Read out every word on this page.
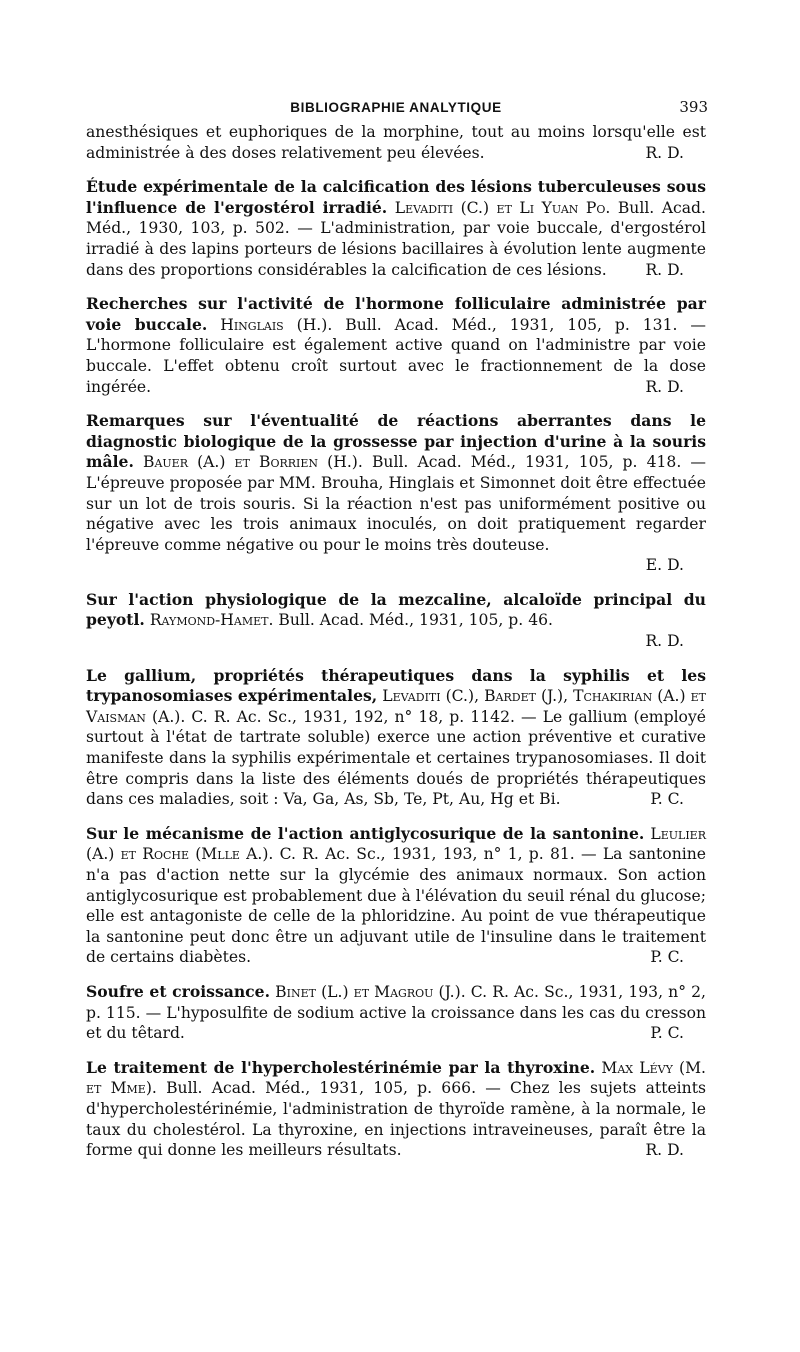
BIBLIOGRAPHIE ANALYTIQUE	393

anesthésiques et euphoriques de la morphine, tout au moins lorsqu'elle est administrée à des doses relativement peu élevées.	R. D.

Étude expérimentale de la calcification des lésions tuberculeuses sous l'influence de l'ergostérol irradié. Levaditi (C.) et Li Yuan Po. Bull. Acad. Méd., 1930, 103, p. 502. — L'administration, par voie buccale, d'ergostérol irradié à des lapins porteurs de lésions bacillaires à évolution lente augmente dans des proportions considérables la calcification de ces lésions. R. D.

Recherches sur l'activité de l'hormone folliculaire administrée par voie buccale. Hinglais (H.). Bull. Acad. Méd., 1931, 105, p. 131. — L'hormone folliculaire est également active quand on l'administre par voie buccale. L'effet obtenu croît surtout avec le fractionnement de la dose ingérée.	R. D.

Remarques sur l'éventualité de réactions aberrantes dans le diagnostic biologique de la grossesse par injection d'urine à la souris mâle. Bauer (A.) et Borrien (H.). Bull. Acad. Méd., 1931, 105, p. 418. — L'épreuve proposée par MM. Brouha, Hinglais et Simonnet doit être effectuée sur un lot de trois souris. Si la réaction n'est pas uniformément positive ou négative avec les trois animaux inoculés, on doit pratiquement regarder l'épreuve comme négative ou pour le moins très douteuse.

E. D.

Sur l'action physiologique de la mezcaline, alcaloïde principal du peyotl. Raymond-Hamet. Bull. Acad. Méd., 1931, 105, p. 46.

R. D.

Le gallium, propriétés thérapeutiques dans la syphilis et les trypanosomiases expérimentales, Levaditi (C.), Bardet (J.), Tchakirian (A.) et Vaisman (A.). C. R. Ac. Sc., 1931, 192, n° 18, p. 1142. — Le gallium (employé surtout à l'état de tartrate soluble) exerce une action préventive et curative manifeste dans la syphilis expérimentale et certaines trypanosomiases. Il doit être compris dans la liste des éléments doués de propriétés thérapeutiques dans ces maladies, soit : Va, Ga, As, Sb, Te, Pt, Au, Hg et Bi.	P. C.

Sur le mécanisme de l'action antiglycosurique de la santonine. Leulier (A.) et Roche (Mlle A.). C. R. Ac. Sc., 1931, 193, n° 1, p. 81. — La santonine n'a pas d'action nette sur la glycémie des animaux normaux. Son action antiglycosurique est probablement due à l'élévation du seuil rénal du glucose; elle est antagoniste de celle de la phloridzine. Au point de vue thérapeutique la santonine peut donc être un adjuvant utile de l'insuline dans le traitement de certains diabètes.	P. C.

Soufre et croissance. Binet (L.) et Magrou (J.). C. R. Ac. Sc., 1931, 193, n° 2, p. 115. — L'hyposulfite de sodium active la croissance dans les cas du cresson et du têtard.	P. C.

Le traitement de l'hypercholestérinémie par la thyroxine. Max Lévy (M. et Mme). Bull. Acad. Méd., 1931, 105, p. 666. — Chez les sujets atteints d'hypercholestérinémie, l'administration de thyroïde ramène, à la normale, le taux du cholestérol. La thyroxine, en injections intraveineuses, paraît être la forme qui donne les meilleurs résultats.	R. D.
